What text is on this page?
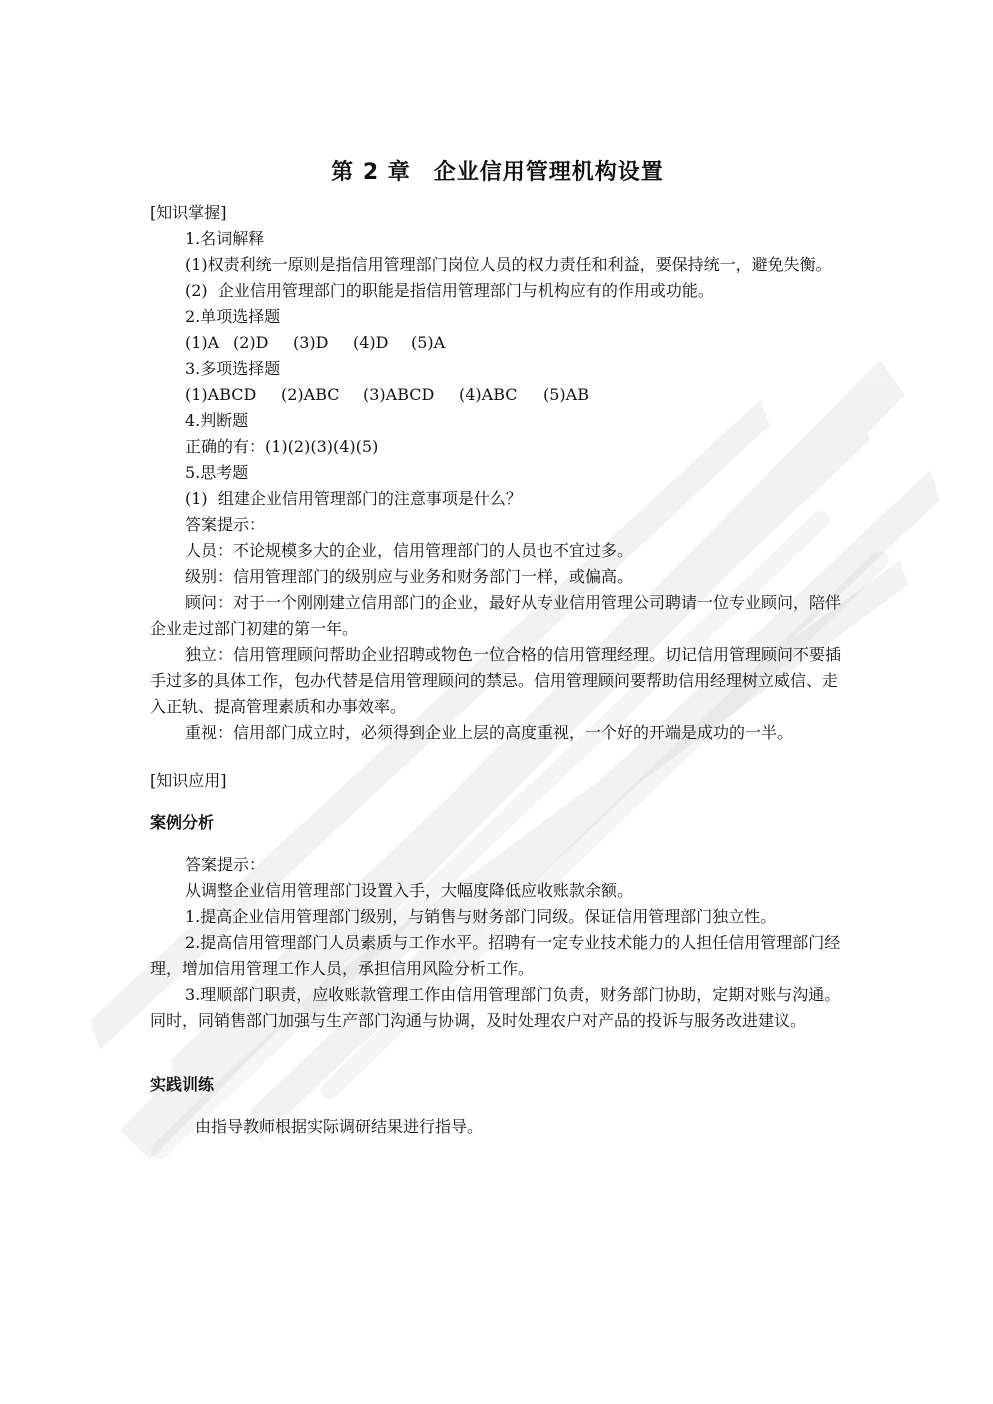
第 2 章　企业信用管理机构设置

[知识掌握]

1.名词解释

(1)权责利统一原则是指信用管理部门岗位人员的权力责任和利益，要保持统一，避免失衡。

(2)  企业信用管理部门的职能是指信用管理部门与机构应有的作用或功能。

2.单项选择题

(1)A (2)D (3)D (4)D (5)A

3.多项选择题

(1)ABCD (2)ABC (3)ABCD (4)ABC (5)AB

4.判断题

正确的有：(1)(2)(3)(4)(5)

5.思考题

(1)  组建企业信用管理部门的注意事项是什么？

答案提示：

人员：不论规模多大的企业，信用管理部门的人员也不宜过多。

级别：信用管理部门的级别应与业务和财务部门一样，或偏高。

顾问：对于一个刚刚建立信用部门的企业，最好从专业信用管理公司聘请一位专业顾问，陪伴企业走过部门初建的第一年。

独立：信用管理顾问帮助企业招聘或物色一位合格的信用管理经理。切记信用管理顾问不要插手过多的具体工作，包办代替是信用管理顾问的禁忌。信用管理顾问要帮助信用经理树立威信、走入正轨、提高管理素质和办事效率。

重视：信用部门成立时，必须得到企业上层的高度重视，一个好的开端是成功的一半。

[知识应用]

案例分析

答案提示：

从调整企业信用管理部门设置入手，大幅度降低应收账款余额。

1.提高企业信用管理部门级别，与销售与财务部门同级。保证信用管理部门独立性。

2.提高信用管理部门人员素质与工作水平。招聘有一定专业技术能力的人担任信用管理部门经理，增加信用管理工作人员，承担信用风险分析工作。

3.理顺部门职责，应收账款管理工作由信用管理部门负责，财务部门协助，定期对账与沟通。同时，同销售部门加强与生产部门沟通与协调，及时处理农户对产品的投诉与服务改进建议。

实践训练

由指导教师根据实际调研结果进行指导。
